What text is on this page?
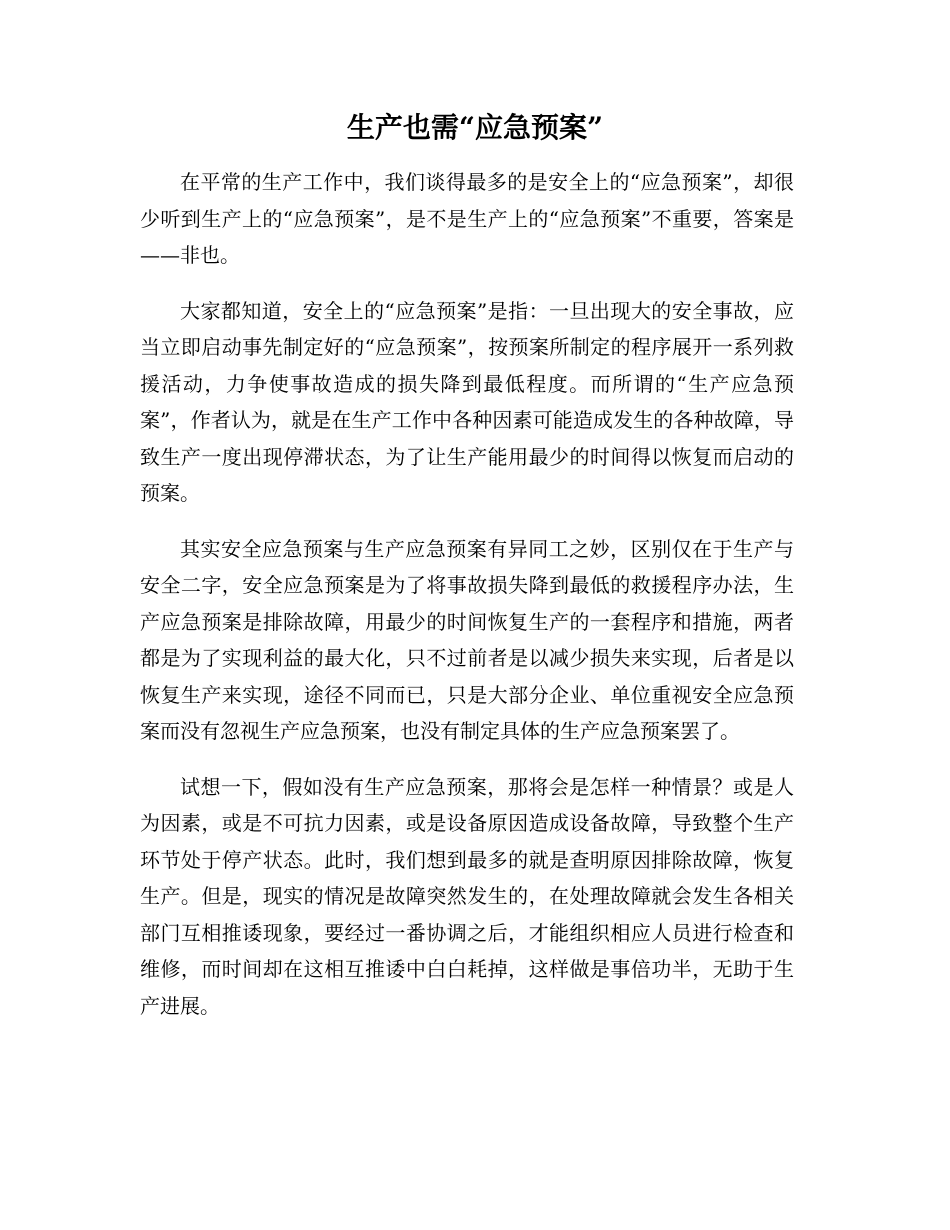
生产也需“应急预案”

在平常的生产工作中，我们谈得最多的是安全上的“应急预案”，却很少听到生产上的“应急预案”，是不是生产上的“应急预案”不重要，答案是——非也。

大家都知道，安全上的“应急预案”是指：一旦出现大的安全事故，应当立即启动事先制定好的“应急预案”，按预案所制定的程序展开一系列救援活动，力争使事故造成的损失降到最低程度。而所谓的“生产应急预案”，作者认为，就是在生产工作中各种因素可能造成发生的各种故障，导致生产一度出现停滞状态，为了让生产能用最少的时间得以恢复而启动的预案。

其实安全应急预案与生产应急预案有异同工之妙，区别仅在于生产与安全二字，安全应急预案是为了将事故损失降到最低的救援程序办法，生产应急预案是排除故障，用最少的时间恢复生产的一套程序和措施，两者都是为了实现利益的最大化，只不过前者是以减少损失来实现，后者是以恢复生产来实现，途径不同而已，只是大部分企业、单位重视安全应急预案而没有忽视生产应急预案，也没有制定具体的生产应急预案罢了。

试想一下，假如没有生产应急预案，那将会是怎样一种情景？或是人为因素，或是不可抗力因素，或是设备原因造成设备故障，导致整个生产环节处于停产状态。此时，我们想到最多的就是查明原因排除故障，恢复生产。但是，现实的情况是故障突然发生的，在处理故障就会发生各相关部门互相推诿现象，要经过一番协调之后，才能组织相应人员进行检查和维修，而时间却在这相互推诿中白白耗掉，这样做是事倍功半，无助于生产进展。
